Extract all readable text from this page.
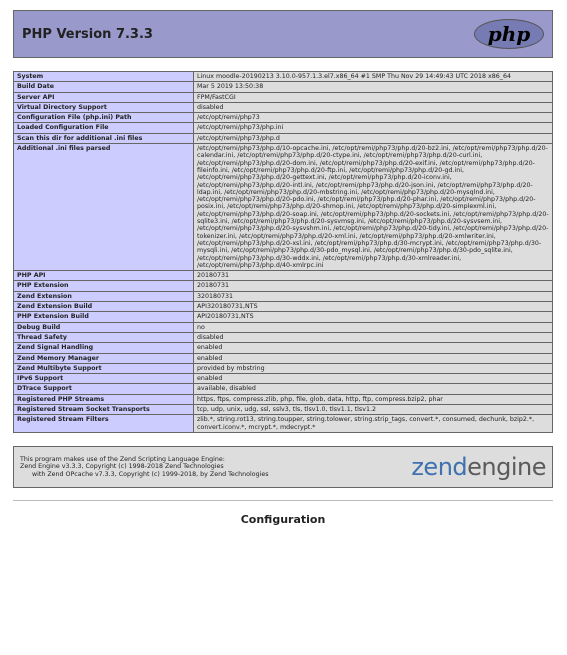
PHP Version 7.3.3	php
System	Linux moodle-20190213 3.10.0-957.1.3.el7.x86_64 #1 SMP Thu Nov 29 14:49:43 UTC 2018 x86_64
Build Date	Mar 5 2019 13:50:38
Server API	FPM/FastCGI
Virtual Directory Support	disabled
Configuration File (php.ini) Path	/etc/opt/remi/php73
Loaded Configuration File	/etc/opt/remi/php73/php.ini
Scan this dir for additional .ini files	/etc/opt/remi/php73/php.d
Additional .ini files parsed	/etc/opt/remi/php73/php.d/10-opcache.ini, /etc/opt/remi/php73/php.d/20-bz2.ini, /etc/opt/remi/php73/php.d/20-calendar.ini, /etc/opt/remi/php73/php.d/20-ctype.ini, /etc/opt/remi/php73/php.d/20-curl.ini, /etc/opt/remi/php73/php.d/20-dom.ini, /etc/opt/remi/php73/php.d/20-exif.ini, /etc/opt/remi/php73/php.d/20-fileinfo.ini, /etc/opt/remi/php73/php.d/20-ftp.ini, /etc/opt/remi/php73/php.d/20-gd.ini, /etc/opt/remi/php73/php.d/20-gettext.ini, /etc/opt/remi/php73/php.d/20-iconv.ini, /etc/opt/remi/php73/php.d/20-intl.ini, /etc/opt/remi/php73/php.d/20-json.ini, /etc/opt/remi/php73/php.d/20-ldap.ini, /etc/opt/remi/php73/php.d/20-mbstring.ini, /etc/opt/remi/php73/php.d/20-mysqlnd.ini, /etc/opt/remi/php73/php.d/20-pdo.ini, /etc/opt/remi/php73/php.d/20-phar.ini, /etc/opt/remi/php73/php.d/20-posix.ini, /etc/opt/remi/php73/php.d/20-shmop.ini, /etc/opt/remi/php73/php.d/20-simplexml.ini, /etc/opt/remi/php73/php.d/20-soap.ini, /etc/opt/remi/php73/php.d/20-sockets.ini, /etc/opt/remi/php73/php.d/20-sqlite3.ini, /etc/opt/remi/php73/php.d/20-sysvmsg.ini, /etc/opt/remi/php73/php.d/20-sysvsem.ini, /etc/opt/remi/php73/php.d/20-sysvshm.ini, /etc/opt/remi/php73/php.d/20-tidy.ini, /etc/opt/remi/php73/php.d/20-tokenizer.ini, /etc/opt/remi/php73/php.d/20-xml.ini, /etc/opt/remi/php73/php.d/20-xmlwriter.ini, /etc/opt/remi/php73/php.d/20-xsl.ini, /etc/opt/remi/php73/php.d/30-mcrypt.ini, /etc/opt/remi/php73/php.d/30-mysqli.ini, /etc/opt/remi/php73/php.d/30-pdo_mysql.ini, /etc/opt/remi/php73/php.d/30-pdo_sqlite.ini, /etc/opt/remi/php73/php.d/30-wddx.ini, /etc/opt/remi/php73/php.d/30-xmlreader.ini, /etc/opt/remi/php73/php.d/40-xmlrpc.ini
PHP API	20180731
PHP Extension	20180731
Zend Extension	320180731
Zend Extension Build	API320180731,NTS
PHP Extension Build	API20180731,NTS
Debug Build	no
Thread Safety	disabled
Zend Signal Handling	enabled
Zend Memory Manager	enabled
Zend Multibyte Support	provided by mbstring
IPv6 Support	enabled
DTrace Support	available, disabled
Registered PHP Streams	https, ftps, compress.zlib, php, file, glob, data, http, ftp, compress.bzip2, phar
Registered Stream Socket Transports	tcp, udp, unix, udg, ssl, sslv3, tls, tlsv1.0, tlsv1.1, tlsv1.2
Registered Stream Filters	zlib.*, string.rot13, string.toupper, string.tolower, string.strip_tags, convert.*, consumed, dechunk, bzip2.*, convert.iconv.*, mcrypt.*, mdecrypt.*
This program makes use of the Zend Scripting Language Engine:
Zend Engine v3.3.3, Copyright (c) 1998-2018 Zend Technologies
with Zend OPcache v7.3.3, Copyright (c) 1999-2018, by Zend Technologies	zendengine
Configuration
